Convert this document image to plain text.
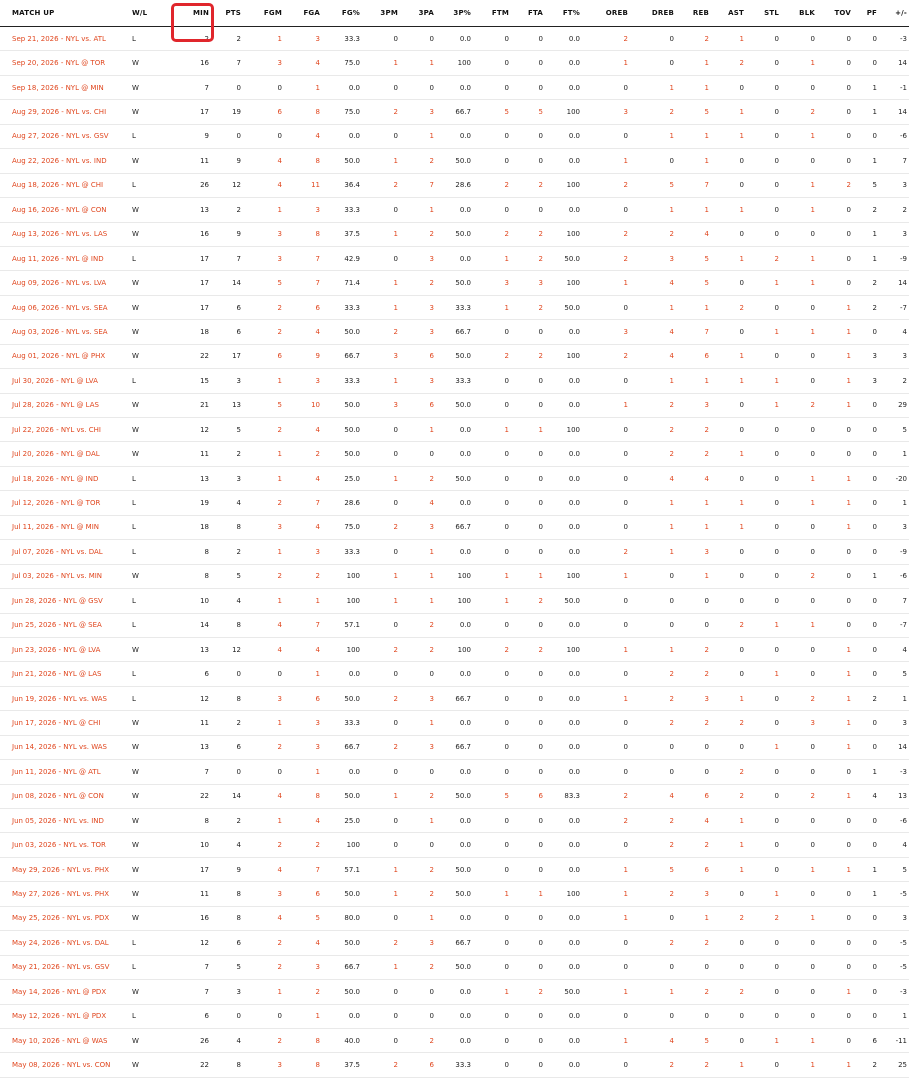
MATCH UP	W/L	MIN	PTS	FGM	FGA	FG%	3PM	3PA	3P%	FTM	FTA	FT%	OREB	DREB	REB	AST	STL	BLK	TOV	PF	+/-
Sep 21, 2026 - NYL vs. ATL	L	2	2	1	3	33.3	0	0	0.0	0	0	0.0	2	0	2	1	0	0	0	0	-3
Sep 20, 2026 - NYL @ TOR	W	16	7	3	4	75.0	1	1	100	0	0	0.0	1	0	1	2	0	1	0	0	14
Sep 18, 2026 - NYL @ MIN	W	7	0	0	1	0.0	0	0	0.0	0	0	0.0	0	1	1	0	0	0	0	1	-1
Aug 29, 2026 - NYL vs. CHI	W	17	19	6	8	75.0	2	3	66.7	5	5	100	3	2	5	1	0	2	0	1	14
Aug 27, 2026 - NYL vs. GSV	L	9	0	0	4	0.0	0	1	0.0	0	0	0.0	0	1	1	1	0	1	0	0	-6
Aug 22, 2026 - NYL vs. IND	W	11	9	4	8	50.0	1	2	50.0	0	0	0.0	1	0	1	0	0	0	0	1	7
Aug 18, 2026 - NYL @ CHI	L	26	12	4	11	36.4	2	7	28.6	2	2	100	2	5	7	0	0	1	2	5	3
Aug 16, 2026 - NYL @ CON	W	13	2	1	3	33.3	0	1	0.0	0	0	0.0	0	1	1	1	0	1	0	2	2
Aug 13, 2026 - NYL vs. LAS	W	16	9	3	8	37.5	1	2	50.0	2	2	100	2	2	4	0	0	0	0	1	3
Aug 11, 2026 - NYL @ IND	L	17	7	3	7	42.9	0	3	0.0	1	2	50.0	2	3	5	1	2	1	0	1	-9
Aug 09, 2026 - NYL vs. LVA	W	17	14	5	7	71.4	1	2	50.0	3	3	100	1	4	5	0	1	1	0	2	14
Aug 06, 2026 - NYL vs. SEA	W	17	6	2	6	33.3	1	3	33.3	1	2	50.0	0	1	1	2	0	0	1	2	-7
Aug 03, 2026 - NYL vs. SEA	W	18	6	2	4	50.0	2	3	66.7	0	0	0.0	3	4	7	0	1	1	1	0	4
Aug 01, 2026 - NYL @ PHX	W	22	17	6	9	66.7	3	6	50.0	2	2	100	2	4	6	1	0	0	1	3	3
Jul 30, 2026 - NYL @ LVA	L	15	3	1	3	33.3	1	3	33.3	0	0	0.0	0	1	1	1	1	0	1	3	2
Jul 28, 2026 - NYL @ LAS	W	21	13	5	10	50.0	3	6	50.0	0	0	0.0	1	2	3	0	1	2	1	0	29
Jul 22, 2026 - NYL vs. CHI	W	12	5	2	4	50.0	0	1	0.0	1	1	100	0	2	2	0	0	0	0	0	5
Jul 20, 2026 - NYL @ DAL	W	11	2	1	2	50.0	0	0	0.0	0	0	0.0	0	2	2	1	0	0	0	0	1
Jul 18, 2026 - NYL @ IND	L	13	3	1	4	25.0	1	2	50.0	0	0	0.0	0	4	4	0	0	1	1	0	-20
Jul 12, 2026 - NYL @ TOR	L	19	4	2	7	28.6	0	4	0.0	0	0	0.0	0	1	1	1	0	1	1	0	1
Jul 11, 2026 - NYL @ MIN	L	18	8	3	4	75.0	2	3	66.7	0	0	0.0	0	1	1	1	0	0	1	0	3
Jul 07, 2026 - NYL vs. DAL	L	8	2	1	3	33.3	0	1	0.0	0	0	0.0	2	1	3	0	0	0	0	0	-9
Jul 03, 2026 - NYL vs. MIN	W	8	5	2	2	100	1	1	100	1	1	100	1	0	1	0	0	2	0	1	-6
Jun 28, 2026 - NYL @ GSV	L	10	4	1	1	100	1	1	100	1	2	50.0	0	0	0	0	0	0	0	0	7
Jun 25, 2026 - NYL @ SEA	L	14	8	4	7	57.1	0	2	0.0	0	0	0.0	0	0	0	2	1	1	0	0	-7
Jun 23, 2026 - NYL @ LVA	W	13	12	4	4	100	2	2	100	2	2	100	1	1	2	0	0	0	1	0	4
Jun 21, 2026 - NYL @ LAS	L	6	0	0	1	0.0	0	0	0.0	0	0	0.0	0	2	2	0	1	0	1	0	5
Jun 19, 2026 - NYL vs. WAS	L	12	8	3	6	50.0	2	3	66.7	0	0	0.0	1	2	3	1	0	2	1	2	1
Jun 17, 2026 - NYL @ CHI	W	11	2	1	3	33.3	0	1	0.0	0	0	0.0	0	2	2	2	0	3	1	0	3
Jun 14, 2026 - NYL vs. WAS	W	13	6	2	3	66.7	2	3	66.7	0	0	0.0	0	0	0	0	1	0	1	0	14
Jun 11, 2026 - NYL @ ATL	W	7	0	0	1	0.0	0	0	0.0	0	0	0.0	0	0	0	2	0	0	0	1	-3
Jun 08, 2026 - NYL @ CON	W	22	14	4	8	50.0	1	2	50.0	5	6	83.3	2	4	6	2	0	2	1	4	13
Jun 05, 2026 - NYL vs. IND	W	8	2	1	4	25.0	0	1	0.0	0	0	0.0	2	2	4	1	0	0	0	0	-6
Jun 03, 2026 - NYL vs. TOR	W	10	4	2	2	100	0	0	0.0	0	0	0.0	0	2	2	1	0	0	0	0	4
May 29, 2026 - NYL vs. PHX	W	17	9	4	7	57.1	1	2	50.0	0	0	0.0	1	5	6	1	0	1	1	1	5
May 27, 2026 - NYL vs. PHX	W	11	8	3	6	50.0	1	2	50.0	1	1	100	1	2	3	0	1	0	0	1	-5
May 25, 2026 - NYL vs. PDX	W	16	8	4	5	80.0	0	1	0.0	0	0	0.0	1	0	1	2	2	1	0	0	3
May 24, 2026 - NYL vs. DAL	L	12	6	2	4	50.0	2	3	66.7	0	0	0.0	0	2	2	0	0	0	0	0	-5
May 21, 2026 - NYL vs. GSV	L	7	5	2	3	66.7	1	2	50.0	0	0	0.0	0	0	0	0	0	0	0	0	-5
May 14, 2026 - NYL @ PDX	W	7	3	1	2	50.0	0	0	0.0	1	2	50.0	1	1	2	2	0	0	1	0	-3
May 12, 2026 - NYL @ PDX	L	6	0	0	1	0.0	0	0	0.0	0	0	0.0	0	0	0	0	0	0	0	0	1
May 10, 2026 - NYL @ WAS	W	26	4	2	8	40.0	0	2	0.0	0	0	0.0	1	4	5	0	1	1	0	6	-11
May 08, 2026 - NYL vs. CON	W	22	8	3	8	37.5	2	6	33.3	0	0	0.0	0	2	2	1	0	1	1	2	25
